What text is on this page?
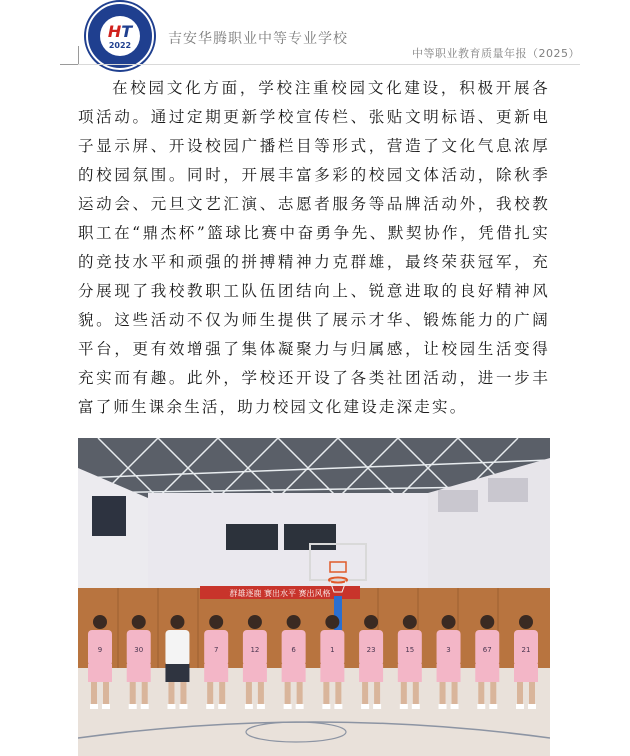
HT
2022	吉安华腾职业中等专业学校
中等职业教育质量年报（2025）

在校园文化方面，学校注重校园文化建设，积极开展各项活动。通过定期更新学校宣传栏、张贴文明标语、更新电子显示屏、开设校园广播栏目等形式，营造了文化气息浓厚的校园氛围。同时，开展丰富多彩的校园文体活动，除秋季运动会、元旦文艺汇演、志愿者服务等品牌活动外，我校教职工在“鼎杰杯”篮球比赛中奋勇争先、默契协作，凭借扎实的竞技水平和顽强的拼搏精神力克群雄，最终荣获冠军，充分展现了我校教职工队伍团结向上、锐意进取的良好精神风貌。这些活动不仅为师生提供了展示才华、锻炼能力的广阔平台，更有效增强了集体凝聚力与归属感，让校园生活变得充实而有趣。此外，学校还开设了各类社团活动，进一步丰富了师生课余生活，助力校园文化建设走深走实。

群雄逐鹿 赛出水平 赛出风格
9	30	7	12	6	1	23	15	3	67	21
